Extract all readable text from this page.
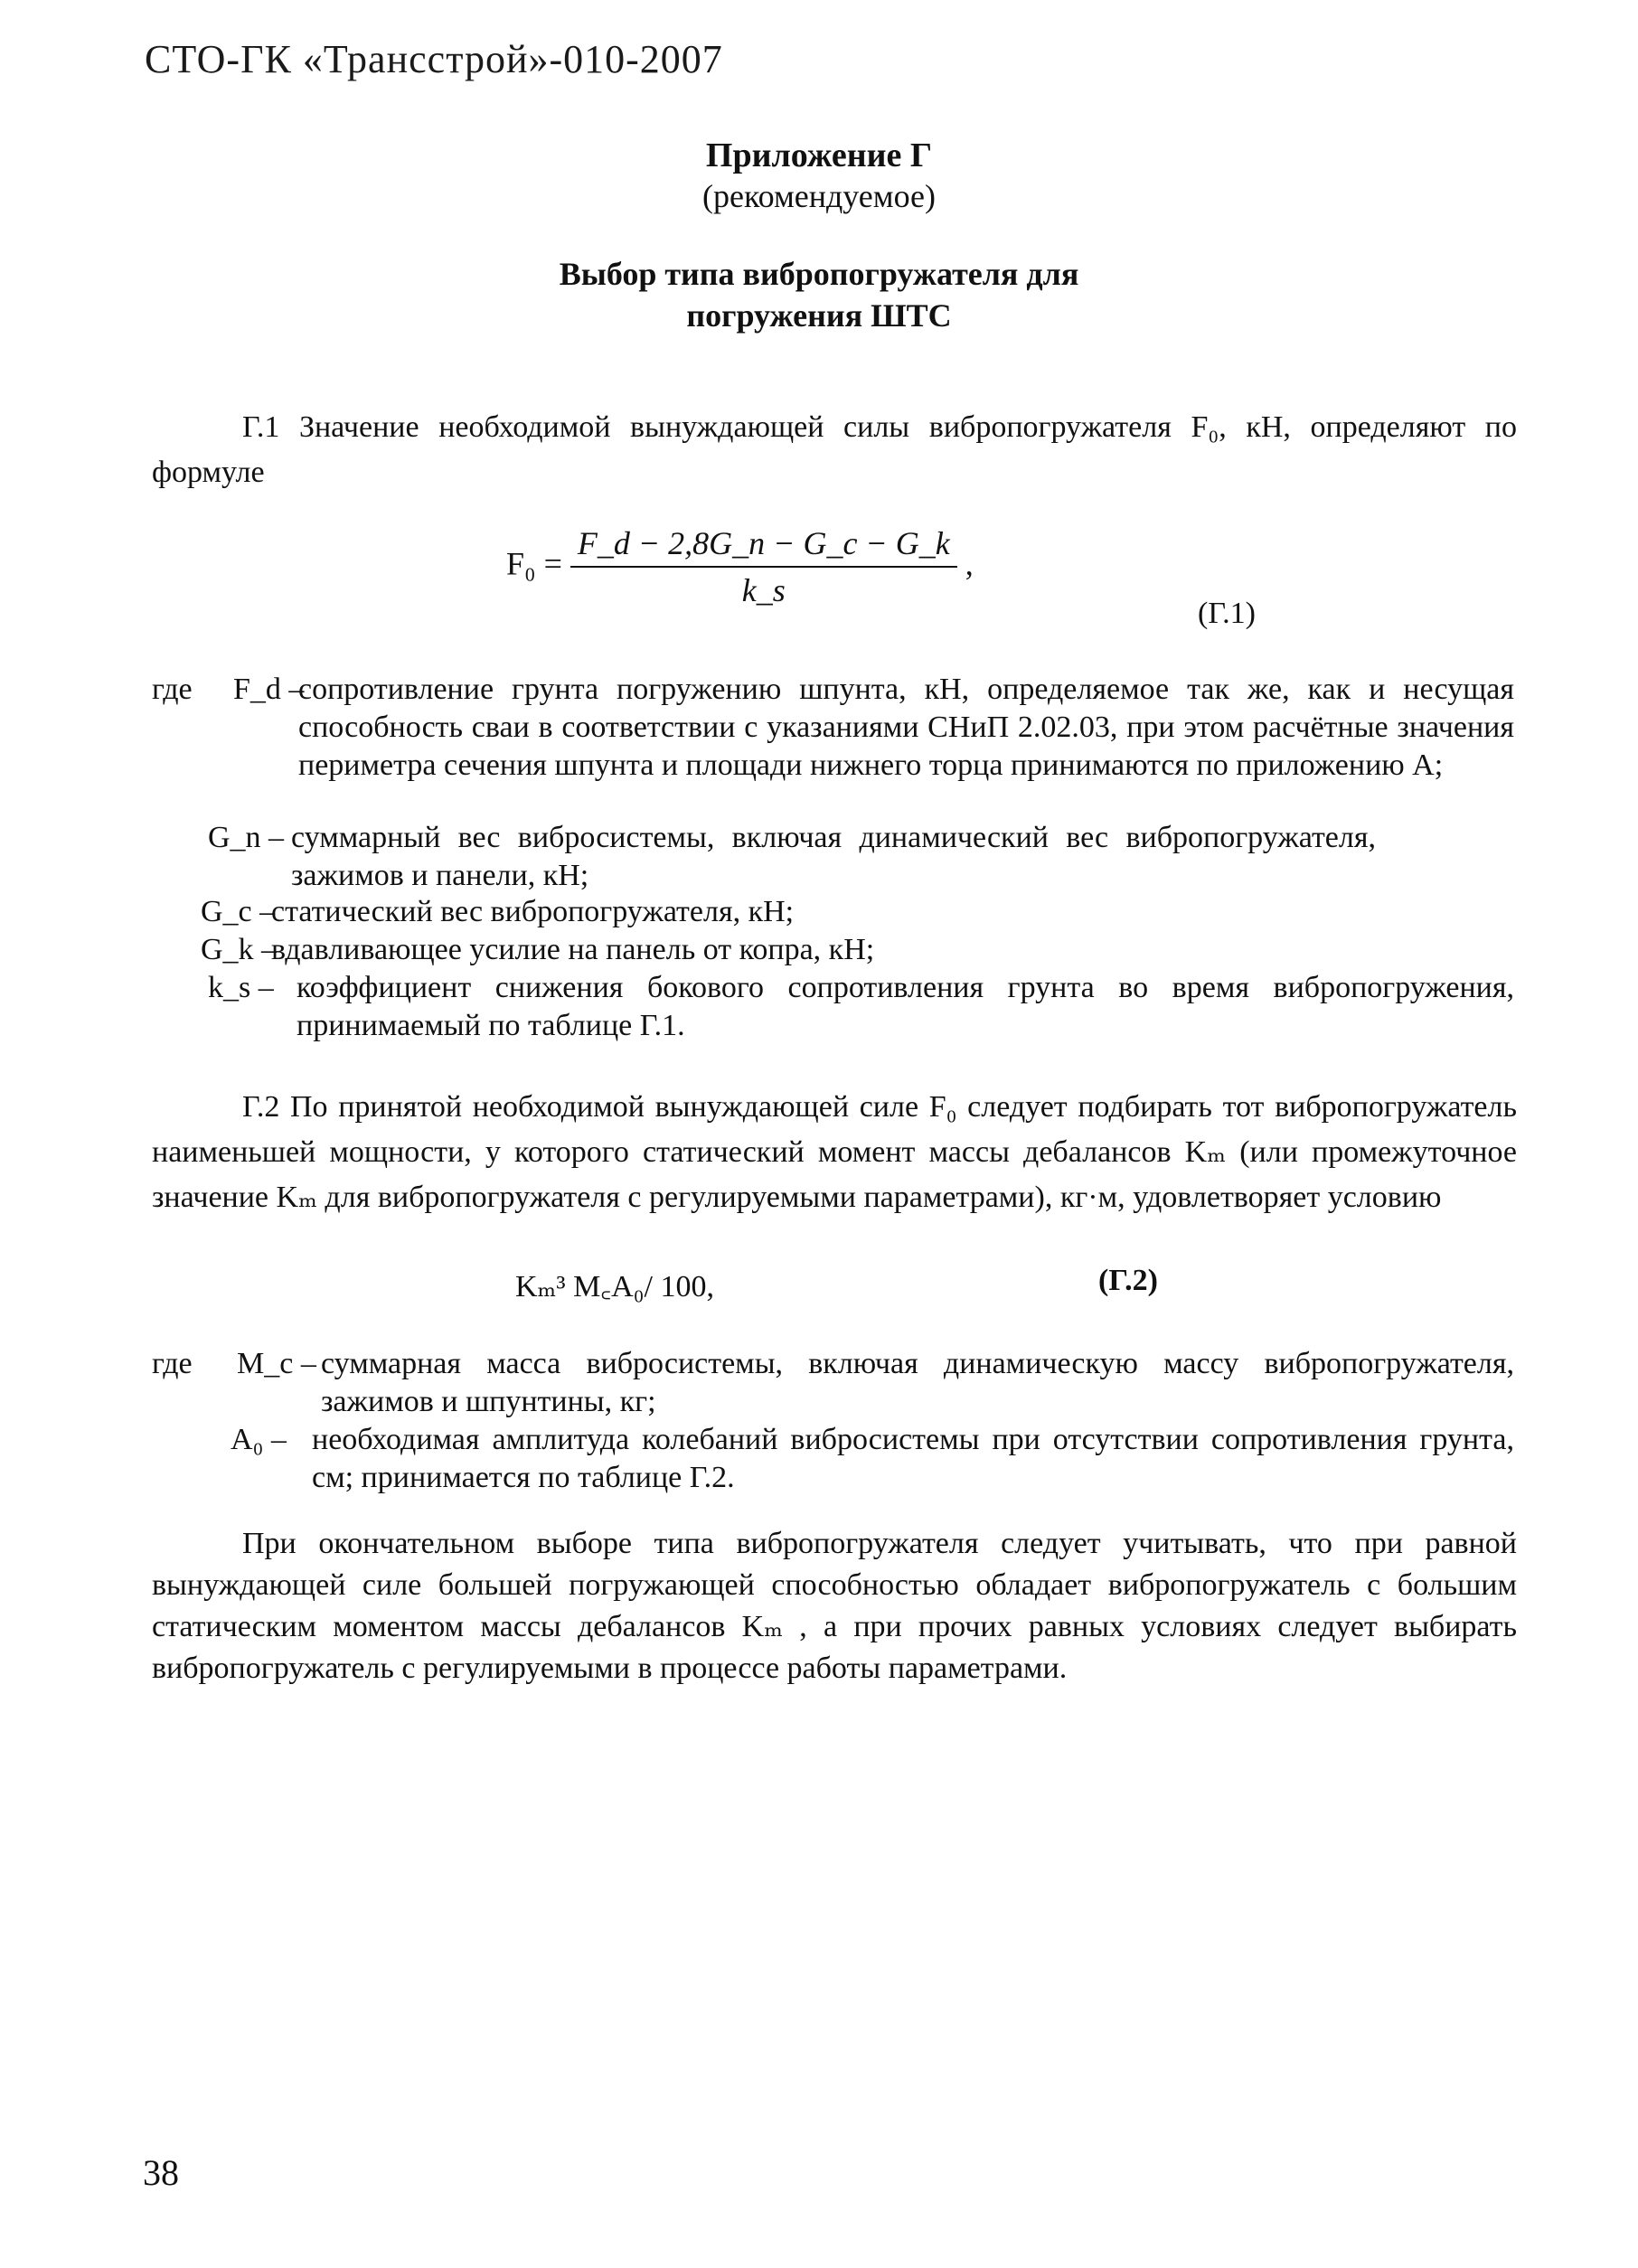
СТО-ГК «Трансстрой»-010-2007
Приложение Г
(рекомендуемое)
Выбор типа вибропогружателя для
погружения ШТС
Г.1 Значение необходимой вынуждающей силы вибропогружателя F₀, кН, определяют по формуле
$F_0 = \frac{F\_d - 2,8G\_n - G\_c - G\_k}{k\_s}$ ,
(Г.1)
где F_d –
сопротивление грунта погружению шпунта, кН, определяемое так же, как и несущая способность сваи в соответствии с указаниями СНиП 2.02.03, при этом расчётные значения периметра сечения шпунта и площади нижнего торца принимаются по приложению А;
G_n – суммарный вес вибросистемы, включая динамический вес вибропогружателя, зажимов и панели, кН;
G_c –
статический вес вибропогружателя, кН;
G_k –
вдавливающее усилие на панель от копра, кН;
k_s – коэффициент снижения бокового сопротивления грунта во время вибропогружения, принимаемый по таблице Г.1.
Г.2 По принятой необходимой вынуждающей силе F₀ следует подбирать тот вибропогружатель наименьшей мощности, у которого статический момент массы дебалансов Kₘ (или промежуточное значение Kₘ для вибропогружателя с регулируемыми параметрами), кг·м, удовлетворяет условию
Kₘ³ M꜀A₀/ 100,	(Г.2)
где M_c – суммарная масса вибросистемы, включая динамическую массу вибропогружателя, зажимов и шпунтины, кг;
A₀ – необходимая амплитуда колебаний вибросистемы при отсутствии сопротивления грунта, см; принимается по таблице Г.2.
При окончательном выборе типа вибропогружателя следует учитывать, что при равной вынуждающей силе большей погружающей способностью обладает вибропогружатель с большим статическим моментом массы дебалансов Kₘ , а при прочих равных условиях следует выбирать вибропогружатель с регулируемыми в процессе работы параметрами.
38
